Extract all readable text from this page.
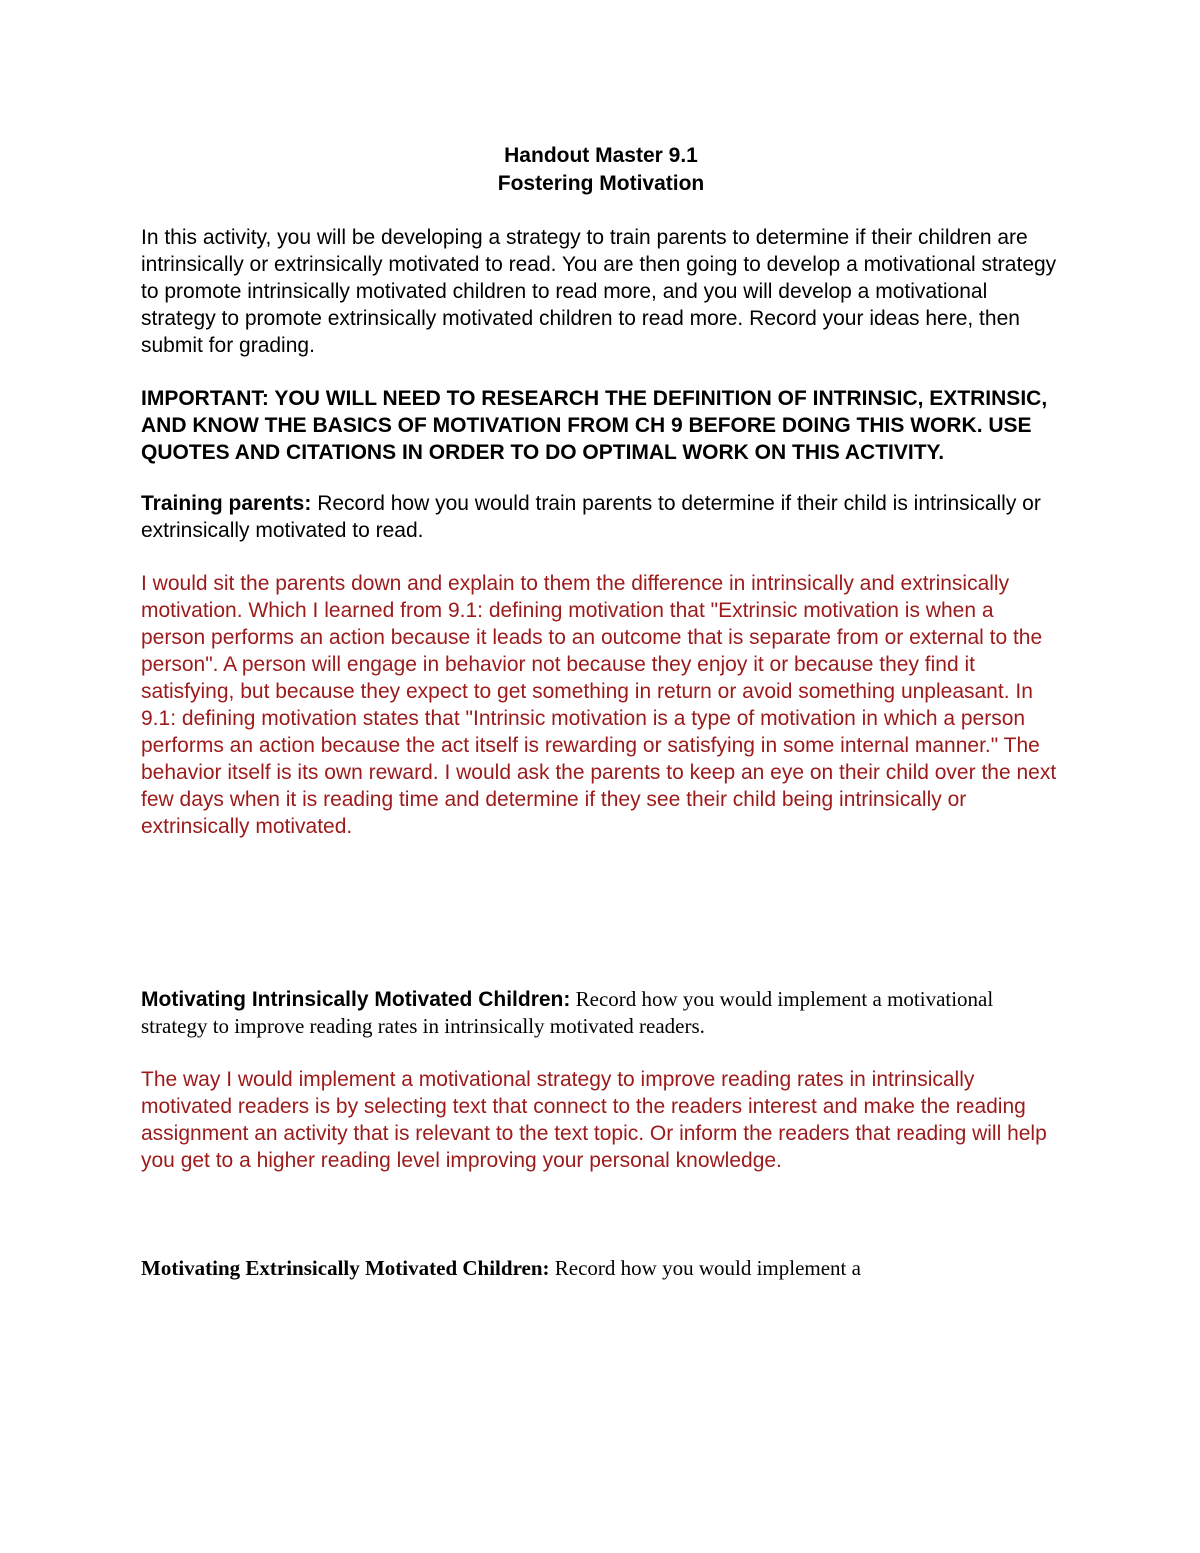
Handout Master 9.1

Fostering Motivation

In this activity, you will be developing a strategy to train parents to determine if their children are intrinsically or extrinsically motivated to read. You are then going to develop a motivational strategy to promote intrinsically motivated children to read more, and you will develop a motivational strategy to promote extrinsically motivated children to read more. Record your ideas here, then submit for grading.

IMPORTANT: YOU WILL NEED TO RESEARCH THE DEFINITION OF INTRINSIC, EXTRINSIC, AND KNOW THE BASICS OF MOTIVATION FROM CH 9 BEFORE DOING THIS WORK. USE QUOTES AND CITATIONS IN ORDER TO DO OPTIMAL WORK ON THIS ACTIVITY.

Training parents: Record how you would train parents to determine if their child is intrinsically or extrinsically motivated to read.

I would sit the parents down and explain to them the difference in intrinsically and extrinsically motivation. Which I learned from 9.1: defining motivation that "Extrinsic motivation is when a person performs an action because it leads to an outcome that is separate from or external to the person". A person will engage in behavior not because they enjoy it or because they find it satisfying, but because they expect to get something in return or avoid something unpleasant. In 9.1: defining motivation states that "Intrinsic motivation is a type of motivation in which a person performs an action because the act itself is rewarding or satisfying in some internal manner." The behavior itself is its own reward. I would ask the parents to keep an eye on their child over the next few days when it is reading time and determine if they see their child being intrinsically or extrinsically motivated.

Motivating Intrinsically Motivated Children: Record how you would implement a motivational strategy to improve reading rates in intrinsically motivated readers.

The way I would implement a motivational strategy to improve reading rates in intrinsically motivated readers is by selecting text that connect to the readers interest and make the reading assignment an activity that is relevant to the text topic. Or inform the readers that reading will help you get to a higher reading level improving your personal knowledge.

Motivating Extrinsically Motivated Children: Record how you would implement a
